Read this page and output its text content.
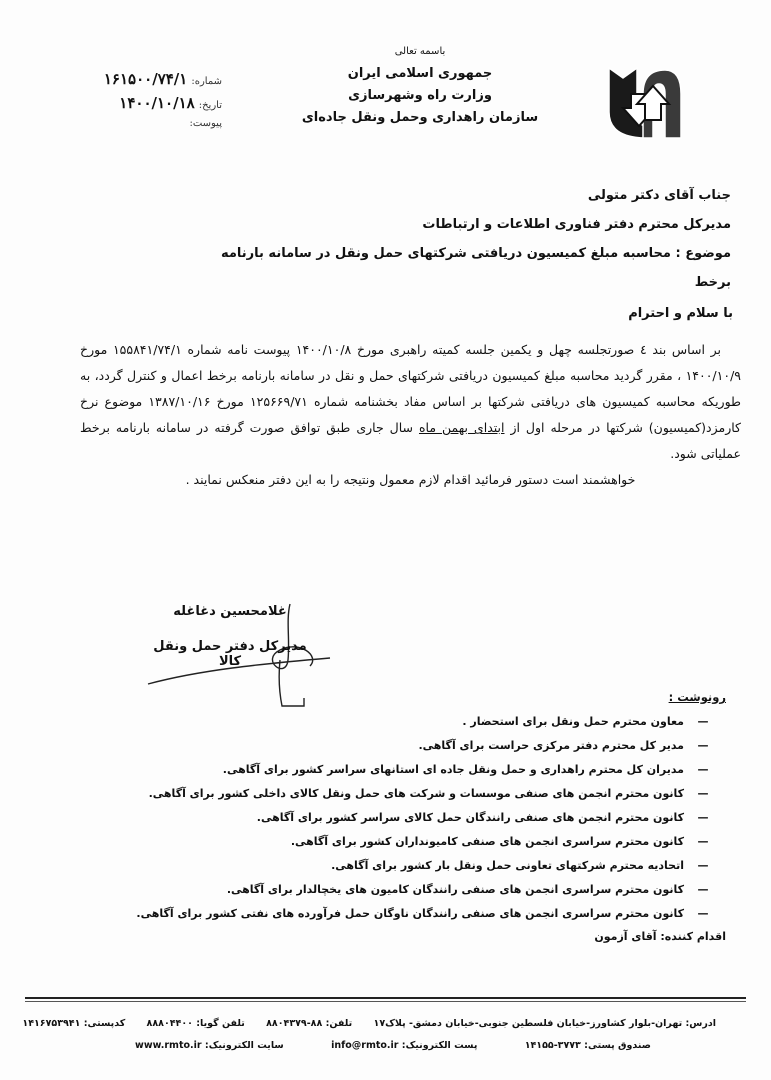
باسمه تعالی
جمهوری اسلامی ایران
وزارت راه وشهرسازی
سازمان راهداری وحمل ونقل جاده‌ای
شماره:
۱۶۱۵۰۰/۷۴/۱
تاریخ:
۱۴۰۰/۱۰/۱۸
پیوست:
جناب آقای دکتر متولی
مدیرکل محترم دفتر فناوری اطلاعات و ارتباطات
موضوع : محاسبه مبلغ کمیسیون دریافتی شرکتهای حمل ونقل در سامانه بارنامه برخط
با سلام و احترام

بر اساس بند ٤ صورتجلسه چهل و یکمین جلسه کمیته راهبری مورخ ۱۴۰۰/۱۰/۸ پیوست نامه شماره ۱۵۵۸۴۱/۷۴/۱ مورخ ۱۴۰۰/۱۰/۹ ، مقرر گردید محاسبه مبلغ کمیسیون دریافتی شرکتهای حمل و نقل در سامانه بارنامه برخط اعمال و کنترل گردد، به طوریکه محاسبه کمیسیون های دریافتی شرکتها بر اساس مفاد بخشنامه شماره ۱۲۵۶۶۹/۷۱ مورخ ۱۳۸۷/۱۰/۱۶ موضوع نرخ کارمزد(کمیسیون) شرکتها در مرحله اول از ابتدای بهمن ماه سال جاری طبق توافق صورت گرفته در سامانه بارنامه برخط عملیاتی شود.

خواهشمند است دستور فرمائید اقدام لازم معمول ونتیجه را به این دفتر منعکس نمایند .

غلامحسین دغاغله
مدیرکل دفتر حمل ونقل کالا
رونوشت :
—معاون محترم حمل ونقل برای استحضار .
—مدیر کل محترم دفتر مرکزی حراست برای آگاهی.
—مدیران کل محترم راهداری و حمل ونقل جاده ای استانهای سراسر کشور برای آگاهی.
—کانون محترم انجمن های صنفی موسسات و شرکت های حمل ونقل کالای داخلی کشور برای آگاهی.
—کانون محترم انجمن های صنفی رانندگان حمل کالای سراسر کشور برای آگاهی.
—کانون محترم سراسری انجمن های صنفی کامیونداران کشور برای آگاهی.
—اتحادیه محترم شرکتهای تعاونی حمل ونقل بار کشور برای آگاهی.
—کانون محترم سراسری انجمن های صنفی رانندگان کامیون های یخچالدار برای آگاهی.
—کانون محترم سراسری انجمن های صنفی رانندگان ناوگان حمل فرآورده های نفتی کشور برای آگاهی.
اقدام کننده: آقای آزمون
ادرس: تهران-بلوار کشاورز-خیابان فلسطین جنوبی-خیابان دمشق- پلاک۱۷ تلفن: ۸۸-۸۸۰۴۳۷۹ تلفن گویا: ۸۸۸۰۴۴۰۰ کدپستی: ۱۴۱۶۷۵۳۹۴۱
صندوق پستی: ۳۷۷۳-۱۴۱۵۵ پست الکترونیک: info@rmto.ir سایت الکترونیک: www.rmto.ir
